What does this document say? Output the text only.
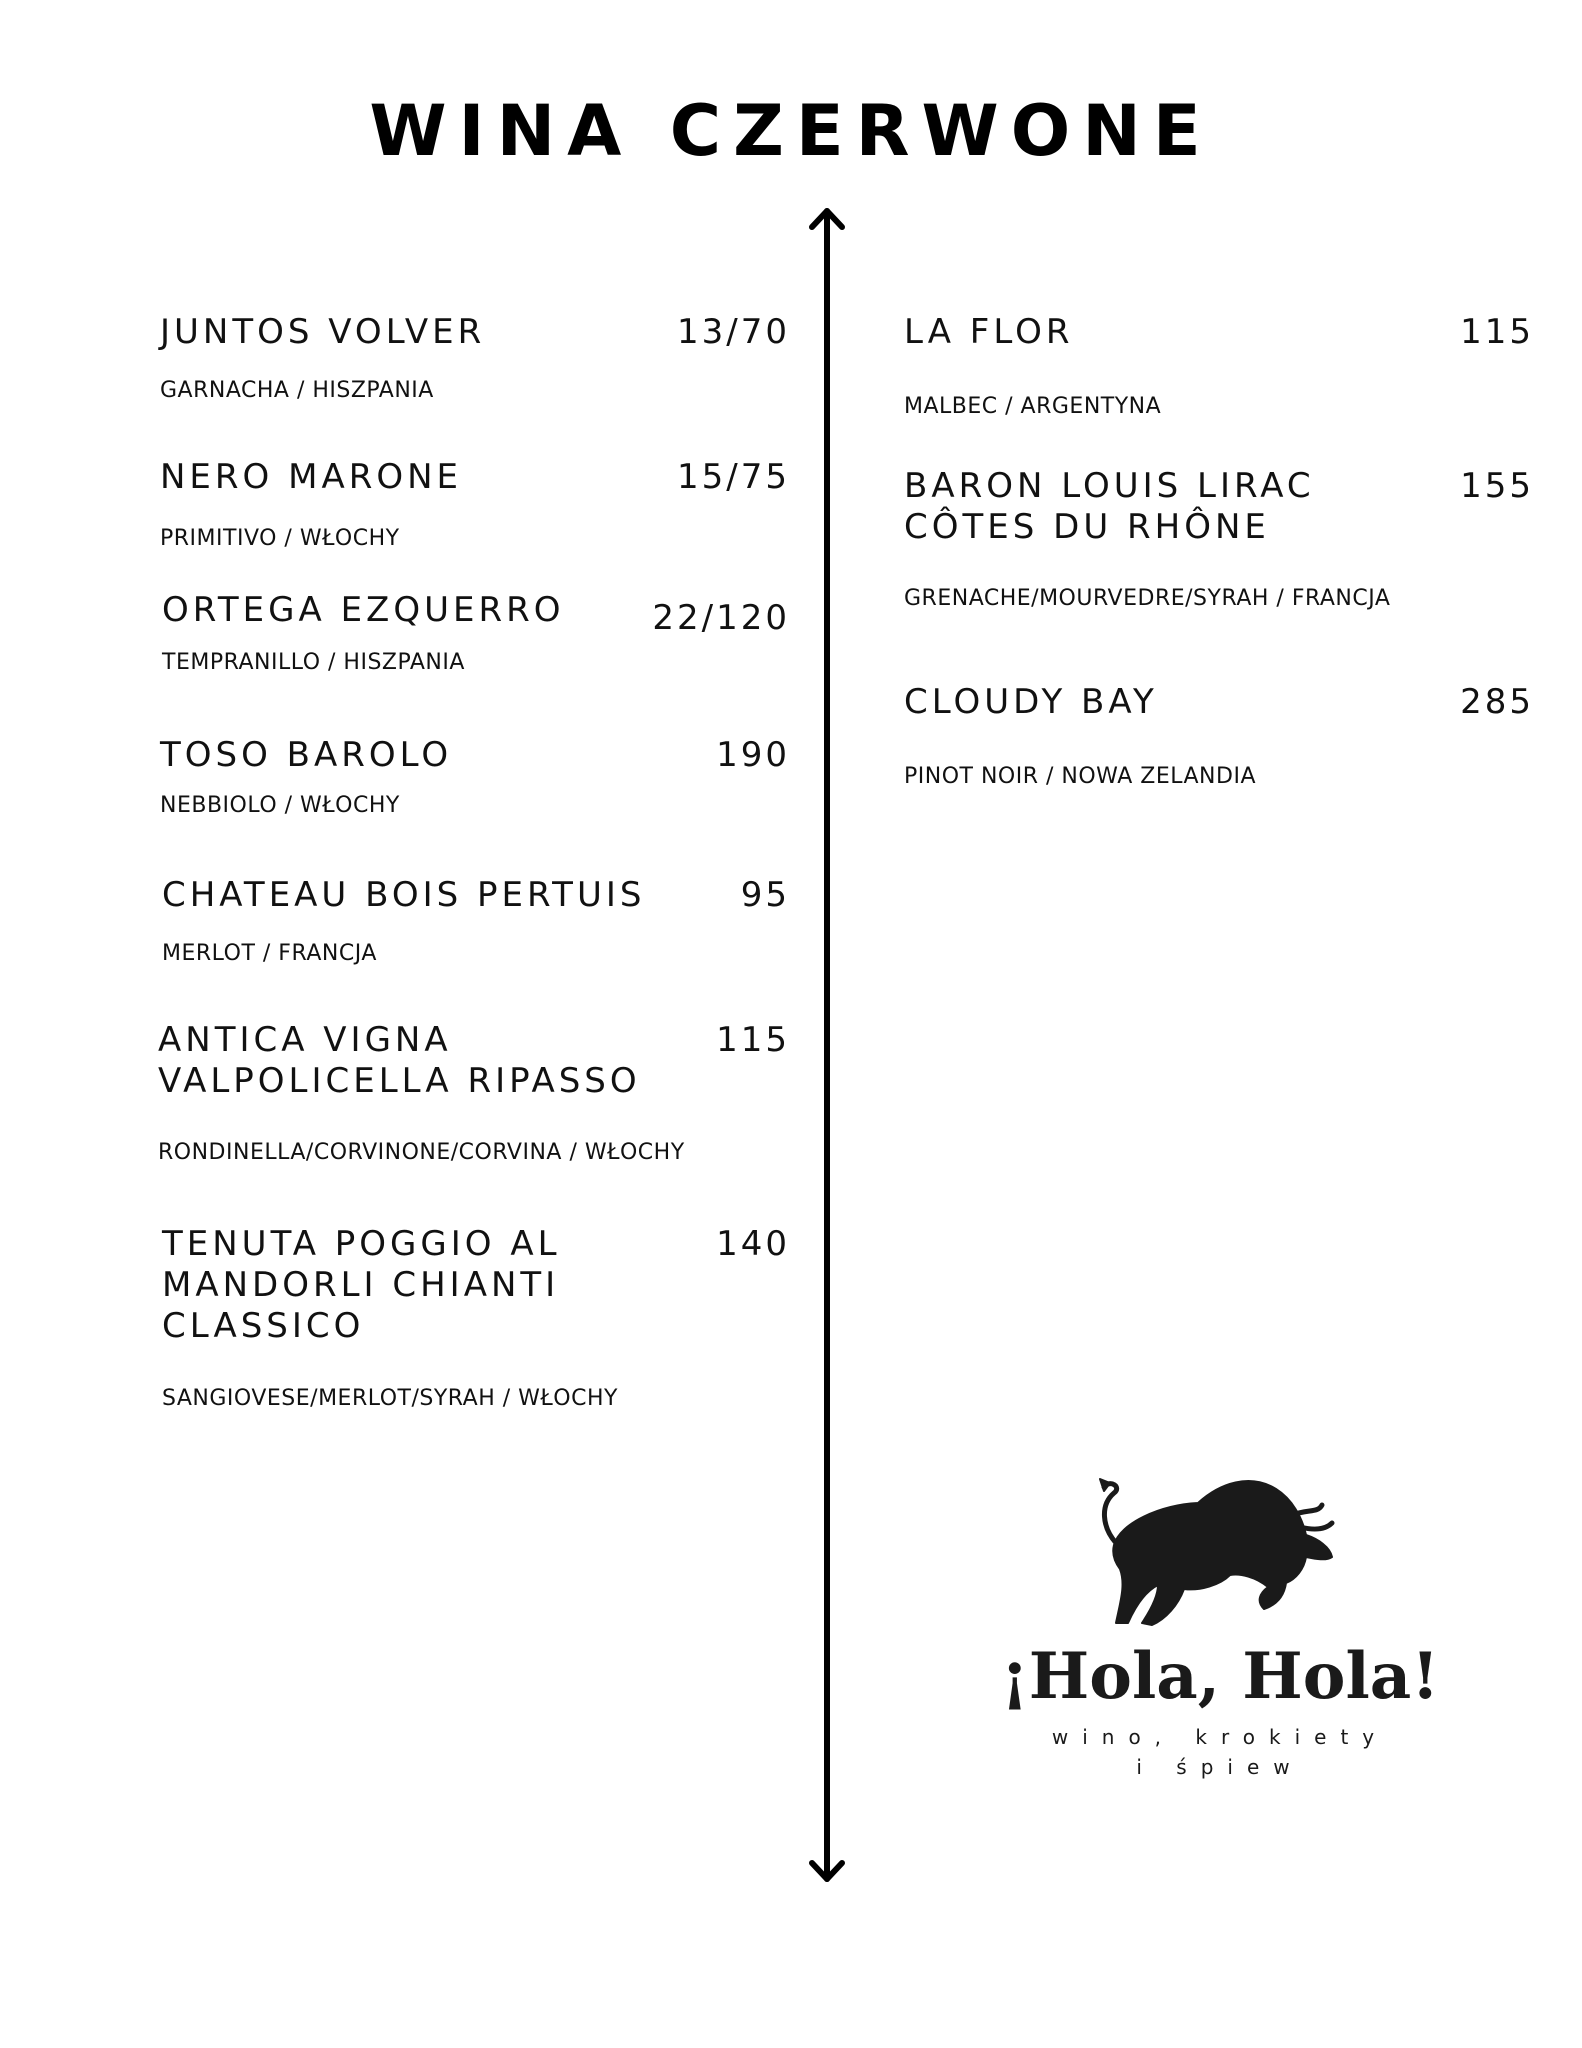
WINA CZERWONE
JUNTOS VOLVER	13/70
GARNACHA / HISZPANIA
NERO MARONE	15/75
PRIMITIVO / WŁOCHY
ORTEGA EZQUERRO	22/120
TEMPRANILLO / HISZPANIA
TOSO BAROLO	190
NEBBIOLO / WŁOCHY
CHATEAU BOIS PERTUIS	95
MERLOT / FRANCJA
ANTICA VIGNA
VALPOLICELLA RIPASSO
115
RONDINELLA/CORVINONE/CORVINA / WŁOCHY
TENUTA POGGIO AL
MANDORLI CHIANTI
CLASSICO
140
SANGIOVESE/MERLOT/SYRAH / WŁOCHY
LA FLOR	115
MALBEC / ARGENTYNA
BARON LOUIS LIRAC
CÔTES DU RHÔNE
155
GRENACHE/MOURVEDRE/SYRAH / FRANCJA
CLOUDY BAY	285
PINOT NOIR / NOWA ZELANDIA
¡Hola, Hola!
wino, krokiety
i śpiew
